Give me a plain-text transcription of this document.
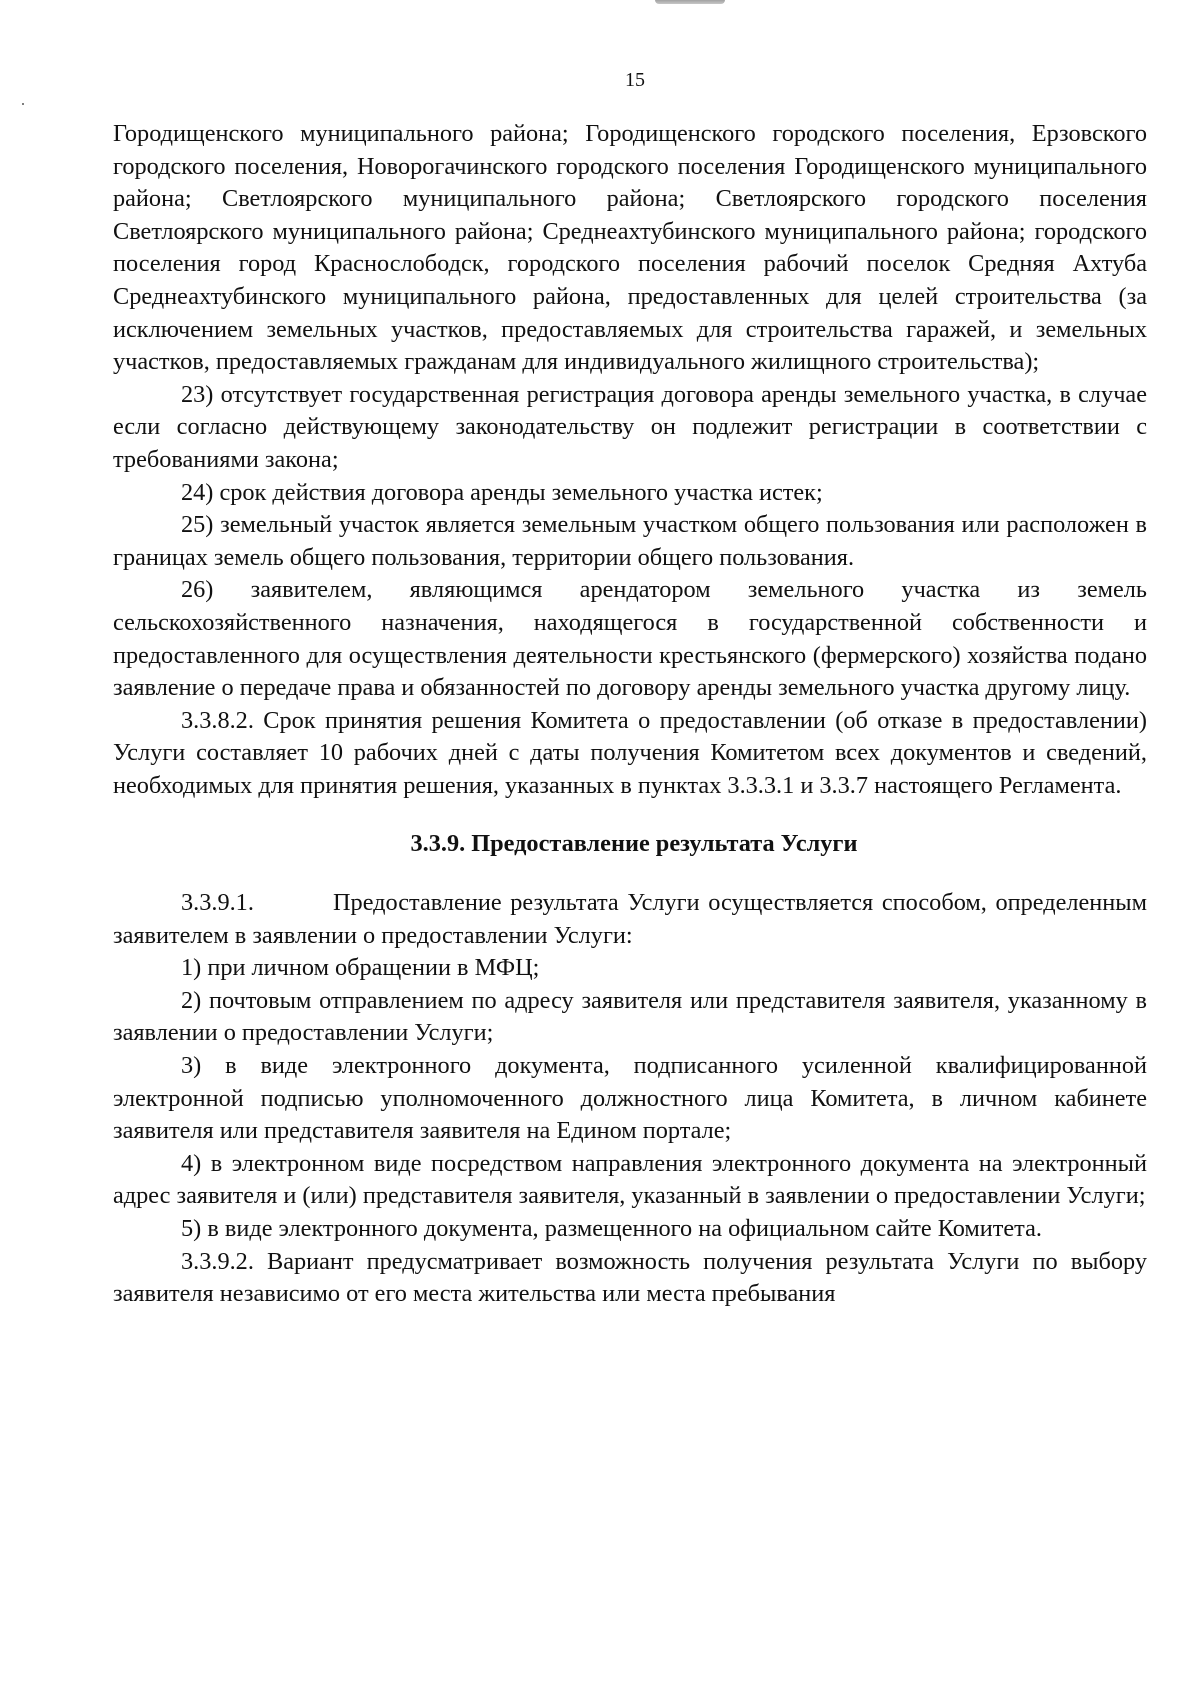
15

Городищенского муниципального района; Городищенского городского поселения, Ерзовского городского поселения, Новорогачинского городского поселения Городищенского муниципального района; Светлоярского муниципального района; Светлоярского городского поселения Светлоярского муниципального района; Среднеахтубинского муниципального района; городского поселения город Краснослободск, городского поселения рабочий поселок Средняя Ахтуба Среднеахтубинского муниципального района, предоставленных для целей строительства (за исключением земельных участков, предоставляемых для строительства гаражей, и земельных участков, предоставляемых гражданам для индивидуального жилищного строительства);

23) отсутствует государственная регистрация договора аренды земельного участка, в случае если согласно действующему законодательству он подлежит регистрации в соответствии с требованиями закона;

24) срок действия договора аренды земельного участка истек;

25) земельный участок является земельным участком общего пользования или расположен в границах земель общего пользования, территории общего пользования.

26) заявителем, являющимся арендатором земельного участка из земель сельскохозяйственного назначения, находящегося в государственной собственности и предоставленного для осуществления деятельности крестьянского (фермерского) хозяйства подано заявление о передаче права и обязанностей по договору аренды земельного участка другому лицу.

3.3.8.2. Срок принятия решения Комитета о предоставлении (об отказе в предоставлении) Услуги составляет 10 рабочих дней с даты получения Комитетом всех документов и сведений, необходимых для принятия решения, указанных в пунктах 3.3.3.1 и 3.3.7 настоящего Регламента.

3.3.9. Предоставление результата Услуги

3.3.9.1.	Предоставление результата Услуги осуществляется способом, определенным заявителем в заявлении о предоставлении Услуги:

1) при личном обращении в МФЦ;

2) почтовым отправлением по адресу заявителя или представителя заявителя, указанному в заявлении о предоставлении Услуги;

3) в виде электронного документа, подписанного усиленной квалифицированной электронной подписью уполномоченного должностного лица Комитета, в личном кабинете заявителя или представителя заявителя на Едином портале;

4) в электронном виде посредством направления электронного документа на электронный адрес заявителя и (или) представителя заявителя, указанный в заявлении о предоставлении Услуги;

5) в виде электронного документа, размещенного на официальном сайте Комитета.

3.3.9.2. Вариант предусматривает возможность получения результата Услуги по выбору заявителя независимо от его места жительства или места пребывания
